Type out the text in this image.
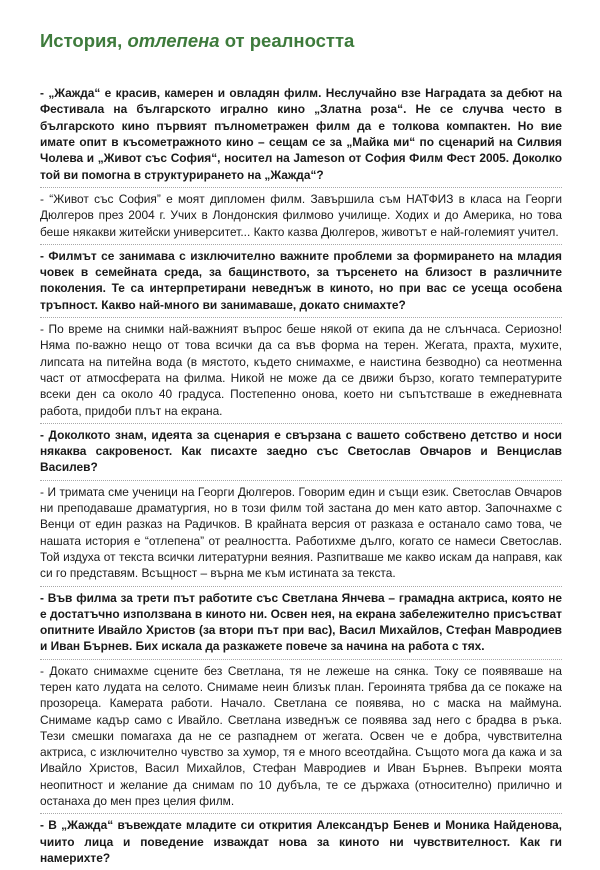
История, отлепена от реалността

- „Жажда“ е красив, камерен и овладян филм. Неслучайно взе Наградата за дебют на Фестивала на българското игрално кино „Златна роза“. Не се случва често в българското кино първият пълнометражен филм да е толкова компактен. Но вие имате опит в късометражното кино – сещам се за „Майка ми“ по сценарий на Силвия Чолева и „Живот със София“, носител на Jameson от София Филм Фест 2005. Доколко той ви помогна в структурирането на „Жажда“?

- “Живот със София” е моят дипломен филм. Завършила съм НАТФИЗ в класа на Георги Дюлгеров през 2004 г. Учих в Лондонския филмово училище. Ходих и до Америка, но това беше някакви житейски университет... Както казва Дюлгеров, животът е най-големият учител.

- Филмът се занимава с изключително важните проблеми за формирането на младия човек в семейната среда, за бащинството, за търсенето на близост в различните поколения. Те са интерпретирани неведнъж в киното, но при вас се усеща особена тръпност. Какво най-много ви занимаваше, докато снимахте?

- По време на снимки най-важният въпрос беше някой от екипа да не слънчаса. Сериозно! Няма по-важно нещо от това всички да са във форма на терен. Жегата, прахта, мухите, липсата на питейна вода (в мястото, където снимахме, е наистина безводно) са неотменна част от атмосферата на филма. Никой не може да се движи бързо, когато температурите всеки ден са около 40 градуса. Постепенно онова, което ни съпътстваше в ежедневната работа, придоби плът на екрана.

- Доколкото знам, идеята за сценария е свързана с вашето собствено детство и носи някаква сакровеност. Как писахте заедно със Светослав Овчаров и Венцислав Василев?

- И тримата сме ученици на Георги Дюлгеров. Говорим един и същи език. Светослав Овчаров ни преподаваше драматургия, но в този филм той застана до мен като автор. Започнахме с Венци от един разказ на Радичков. В крайната версия от разказа е останало само това, че нашата история е “отлепена” от реалността. Работихме дълго, когато се намеси Светослав. Той издуха от текста всички литературни веяния. Разпитваше ме какво искам да направя, как си го представям. Всъщност – върна ме към истината за текста.

- Във филма за трети път работите със Светлана Янчева – грамадна актриса, която не е достатъчно използвана в киното ни. Освен нея, на екрана забележително присъстват опитните Ивайло Христов (за втори път при вас), Васил Михайлов, Стефан Мавродиев и Иван Бърнев. Бих искала да разкажете повече за начина на работа с тях.

- Докато снимахме сцените без Светлана, тя не лежеше на сянка. Току се появяваше на терен като лудата на селото. Снимаме неин близък план. Героинята трябва да се покаже на прозореца. Камерата работи. Начало. Светлана се появява, но с маска на маймуна. Снимаме кадър само с Ивайло. Светлана изведнъж се появява зад него с брадва в ръка. Тези смешки помагаха да не се разпаднем от жегата. Освен че е добра, чувствителна актриса, с изключително чувство за хумор, тя е много всеотдайна. Същото мога да кажа и за Ивайло Христов, Васил Михайлов, Стефан Мавродиев и Иван Бърнев. Въпреки моята неопитност и желание да снимам по 10 дубъла, те се държаха (относително) прилично и останаха до мен през целия филм.

- В „Жажда“ въвеждате младите си открития Александър Бенев и Моника Найденова, чиито лица и поведение изваждат нова за киното ни чувствителност. Как ги намерихте?
